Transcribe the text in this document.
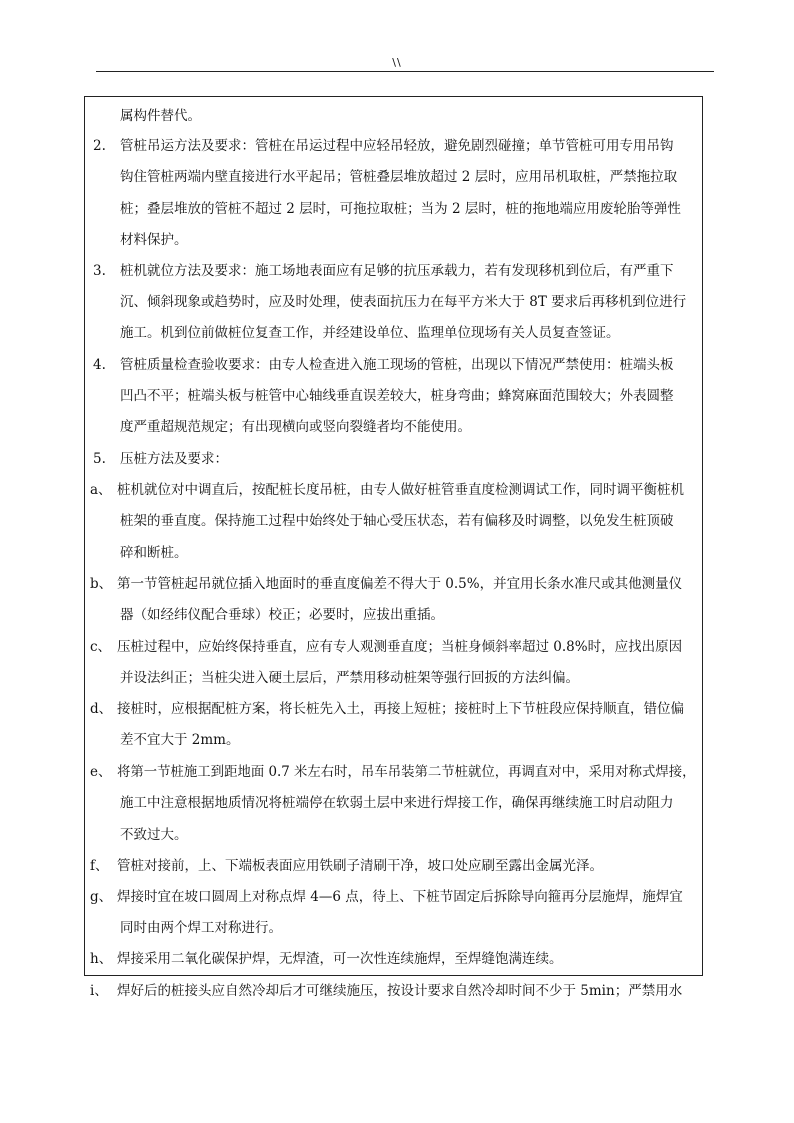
\\
属构件替代。
2.	管桩吊运方法及要求：管桩在吊运过程中应轻吊轻放，避免剧烈碰撞；单节管桩可用专用吊钩
钩住管桩两端内壁直接进行水平起吊；管桩叠层堆放超过 2 层时，应用吊机取桩，严禁拖拉取
桩；叠层堆放的管桩不超过 2 层时，可拖拉取桩；当为 2 层时，桩的拖地端应用废轮胎等弹性
材料保护。
3.	桩机就位方法及要求：施工场地表面应有足够的抗压承载力，若有发现移机到位后，有严重下
沉、倾斜现象或趋势时，应及时处理，使表面抗压力在每平方米大于 8T 要求后再移机到位进行
施工。机到位前做桩位复查工作，并经建设单位、监理单位现场有关人员复查签证。
4.	管桩质量检查验收要求：由专人检查进入施工现场的管桩，出现以下情况严禁使用：桩端头板
凹凸不平；桩端头板与桩管中心轴线垂直误差较大，桩身弯曲；蜂窝麻面范围较大；外表圆整
度严重超规范规定；有出现横向或竖向裂缝者均不能使用。
5.	压桩方法及要求：
a、 桩机就位对中调直后，按配桩长度吊桩，由专人做好桩管垂直度检测调试工作，同时调平衡桩机
桩架的垂直度。保持施工过程中始终处于轴心受压状态，若有偏移及时调整，以免发生桩顶破
碎和断桩。
b、 第一节管桩起吊就位插入地面时的垂直度偏差不得大于 0.5%，并宜用长条水准尺或其他测量仪
器（如经纬仪配合垂球）校正；必要时，应拔出重插。
c、 压桩过程中，应始终保持垂直，应有专人观测垂直度；当桩身倾斜率超过 0.8%时，应找出原因
并设法纠正；当桩尖进入硬土层后，严禁用移动桩架等强行回扳的方法纠偏。
d、 接桩时，应根据配桩方案，将长桩先入土，再接上短桩；接桩时上下节桩段应保持顺直，错位偏
差不宜大于 2mm。
e、 将第一节桩施工到距地面 0.7 米左右时，吊车吊装第二节桩就位，再调直对中，采用对称式焊接，
施工中注意根据地质情况将桩端停在软弱土层中来进行焊接工作，确保再继续施工时启动阻力
不致过大。
f、 管桩对接前，上、下端板表面应用铁刷子清刷干净，坡口处应刷至露出金属光泽。
g、 焊接时宜在坡口圆周上对称点焊 4—6 点，待上、下桩节固定后拆除导向箍再分层施焊，施焊宜
同时由两个焊工对称进行。
h、 焊接采用二氧化碳保护焊，无焊渣，可一次性连续施焊，至焊缝饱满连续。
i、 焊好后的桩接头应自然冷却后才可继续施压，按设计要求自然冷却时间不少于 5min；严禁用水
